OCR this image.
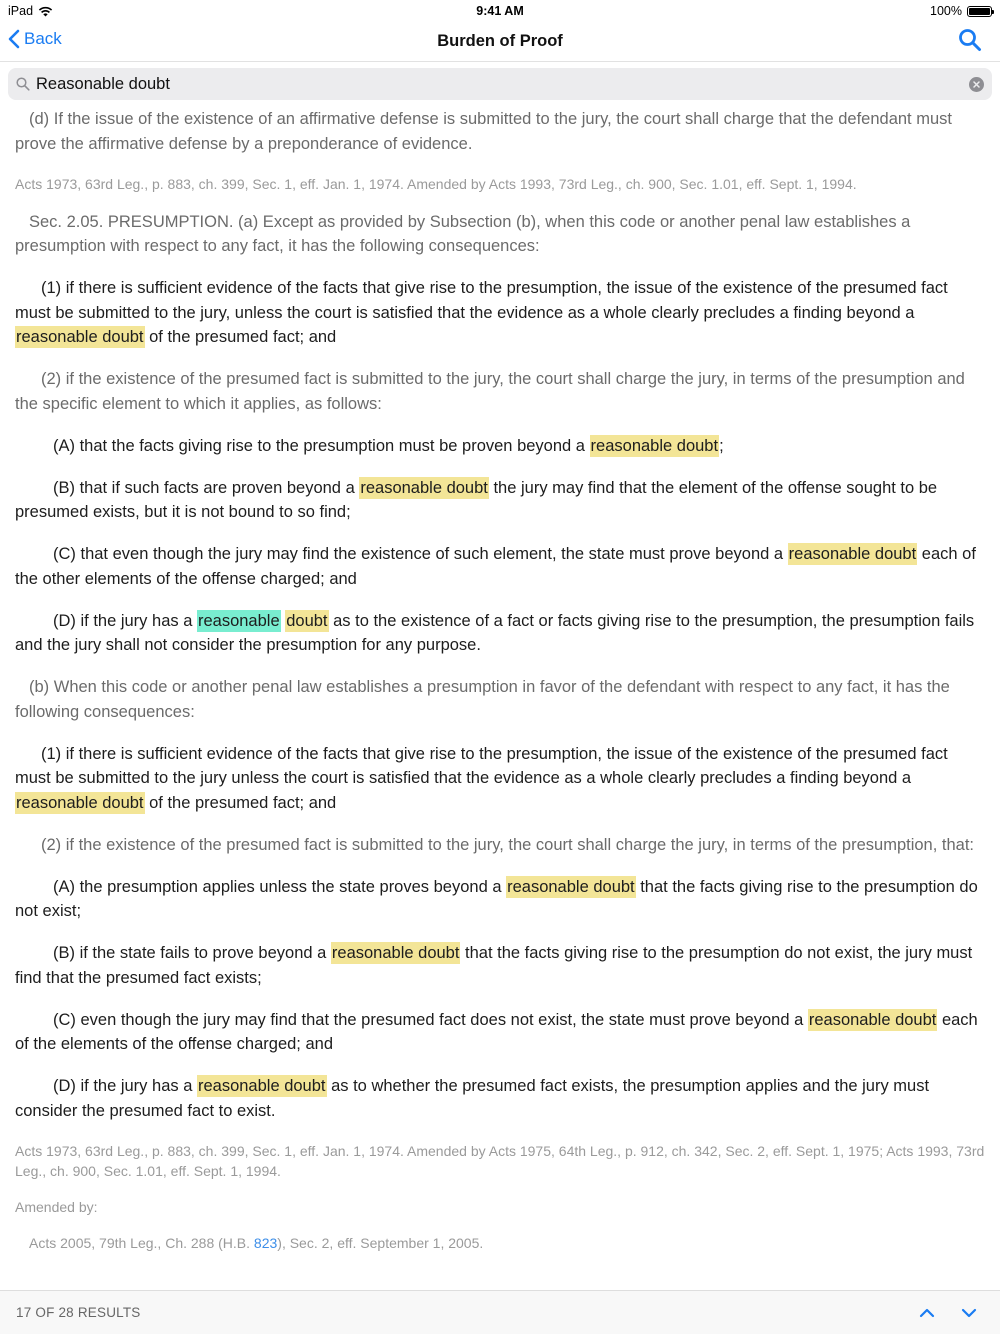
iPad	9:41 AM	100%
Back	Burden of Proof
Reasonable doubt

(d) If the issue of the existence of an affirmative defense is submitted to the jury, the court shall charge that the defendant must prove the affirmative defense by a preponderance of evidence.

Acts 1973, 63rd Leg., p. 883, ch. 399, Sec. 1, eff. Jan. 1, 1974. Amended by Acts 1993, 73rd Leg., ch. 900, Sec. 1.01, eff. Sept. 1, 1994.

Sec. 2.05. PRESUMPTION. (a) Except as provided by Subsection (b), when this code or another penal law establishes a presumption with respect to any fact, it has the following consequences:

(1) if there is sufficient evidence of the facts that give rise to the presumption, the issue of the existence of the presumed fact must be submitted to the jury, unless the court is satisfied that the evidence as a whole clearly precludes a finding beyond a reasonable doubt of the presumed fact; and

(2) if the existence of the presumed fact is submitted to the jury, the court shall charge the jury, in terms of the presumption and the specific element to which it applies, as follows:

(A) that the facts giving rise to the presumption must be proven beyond a reasonable doubt;

(B) that if such facts are proven beyond a reasonable doubt the jury may find that the element of the offense sought to be presumed exists, but it is not bound to so find;

(C) that even though the jury may find the existence of such element, the state must prove beyond a reasonable doubt each of the other elements of the offense charged; and

(D) if the jury has a reasonable doubt as to the existence of a fact or facts giving rise to the presumption, the presumption fails and the jury shall not consider the presumption for any purpose.

(b) When this code or another penal law establishes a presumption in favor of the defendant with respect to any fact, it has the following consequences:

(1) if there is sufficient evidence of the facts that give rise to the presumption, the issue of the existence of the presumed fact must be submitted to the jury unless the court is satisfied that the evidence as a whole clearly precludes a finding beyond a reasonable doubt of the presumed fact; and

(2) if the existence of the presumed fact is submitted to the jury, the court shall charge the jury, in terms of the presumption, that:

(A) the presumption applies unless the state proves beyond a reasonable doubt that the facts giving rise to the presumption do not exist;

(B) if the state fails to prove beyond a reasonable doubt that the facts giving rise to the presumption do not exist, the jury must find that the presumed fact exists;

(C) even though the jury may find that the presumed fact does not exist, the state must prove beyond a reasonable doubt each of the elements of the offense charged; and

(D) if the jury has a reasonable doubt as to whether the presumed fact exists, the presumption applies and the jury must consider the presumed fact to exist.

Acts 1973, 63rd Leg., p. 883, ch. 399, Sec. 1, eff. Jan. 1, 1974. Amended by Acts 1975, 64th Leg., p. 912, ch. 342, Sec. 2, eff. Sept. 1, 1975; Acts 1993, 73rd Leg., ch. 900, Sec. 1.01, eff. Sept. 1, 1994.

Amended by:

Acts 2005, 79th Leg., Ch. 288 (H.B. 823), Sec. 2, eff. September 1, 2005.

17 OF 28 RESULTS
